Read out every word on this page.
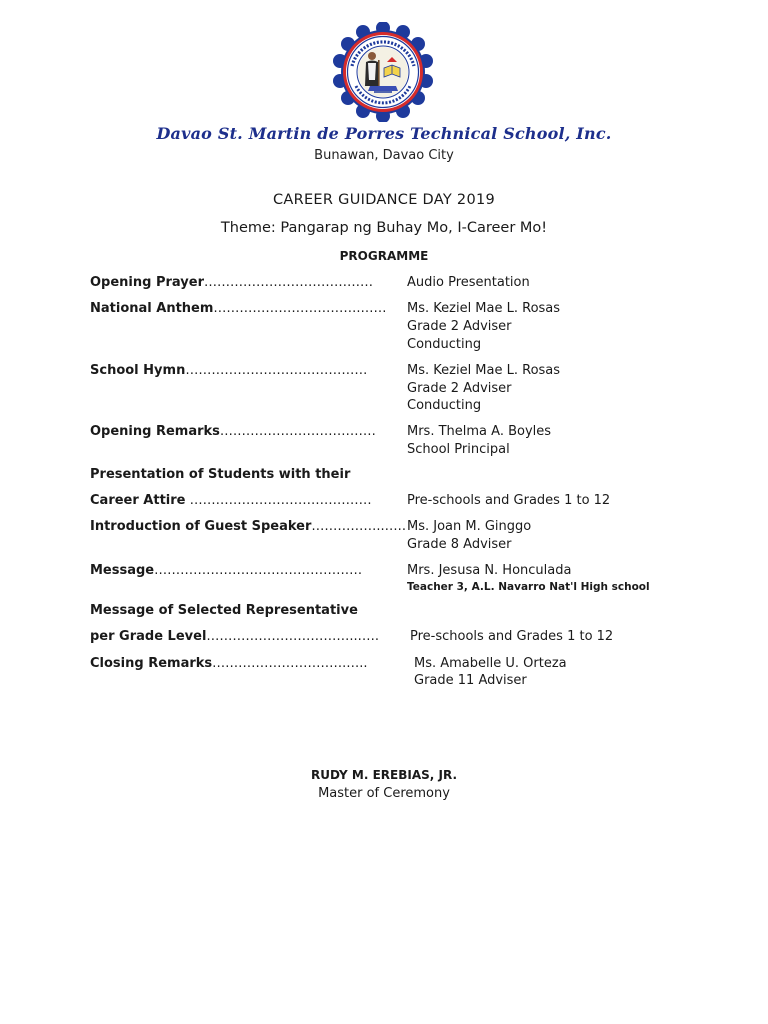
Davao St. Martin de Porres Technical School, Inc.
Bunawan, Davao City
CAREER GUIDANCE DAY 2019
Theme: Pangarap ng Buhay Mo, I-Career Mo!
PROGRAMME
Opening Prayer…………………………………	Audio Presentation
National Anthem…………………………….…… Ms. Keziel Mae L. Rosas
Grade 2 Adviser
Conducting
School Hymn……………………………………	Ms. Keziel Mae L. Rosas
Grade 2 Adviser
Conducting
Opening Remarks……………………………… Mrs. Thelma A. Boyles
School Principal
Presentation of Students with their
Career Attire ……………………………………	Pre-schools and Grades 1 to 12
Introduction of Guest Speaker……………..….. Ms. Joan M. Ginggo
Grade 8 Adviser
Message…………………………………………	Mrs. Jesusa N. Honculada
Teacher 3, A.L. Navarro Nat'l High school
Message of Selected Representative
per Grade Level……………………………...…. Pre-schools and Grades 1 to 12
Closing Remarks………………………….…..	Ms. Amabelle U. Orteza
Grade 11 Adviser
RUDY M. EREBIAS, JR.
Master of Ceremony
